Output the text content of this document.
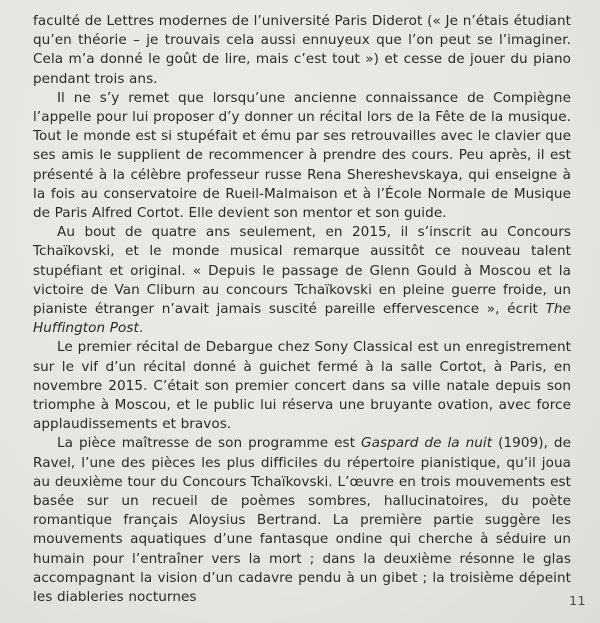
faculté de Lettres modernes de l’université Paris Diderot (« Je n’étais étudiant qu’en théorie – je trouvais cela aussi ennuyeux que l’on peut se l’imaginer. Cela m’a donné le goût de lire, mais c’est tout ») et cesse de jouer du piano pendant trois ans.

Il ne s’y remet que lorsqu’une ancienne connaissance de Compiègne l’appelle pour lui proposer d’y donner un récital lors de la Fête de la musique. Tout le monde est si stupéfait et ému par ses retrouvailles avec le clavier que ses amis le supplient de recommencer à prendre des cours. Peu après, il est présenté à la célèbre professeur russe Rena Shereshevskaya, qui enseigne à la fois au conservatoire de Rueil-Malmaison et à l’École Normale de Musique de Paris Alfred Cortot. Elle devient son mentor et son guide.

Au bout de quatre ans seulement, en 2015, il s’inscrit au Concours Tchaïkovski, et le monde musical remarque aussitôt ce nouveau talent stupéfiant et original. « Depuis le passage de Glenn Gould à Moscou et la victoire de Van Cliburn au concours Tchaïkovski en pleine guerre froide, un pianiste étranger n’avait jamais suscité pareille effervescence », écrit The Huffington Post.

Le premier récital de Debargue chez Sony Classical est un enregistrement sur le vif d’un récital donné à guichet fermé à la salle Cortot, à Paris, en novembre 2015. C’était son premier concert dans sa ville natale depuis son triomphe à Moscou, et le public lui réserva une bruyante ovation, avec force applaudissements et bravos.

La pièce maîtresse de son programme est Gaspard de la nuit (1909), de Ravel, l’une des pièces les plus difficiles du répertoire pianistique, qu’il joua au deuxième tour du Concours Tchaïkovski. L’œuvre en trois mouvements est basée sur un recueil de poèmes sombres, hallucinatoires, du poète romantique français Aloysius Bertrand. La première partie suggère les mouvements aquatiques d’une fantasque ondine qui cherche à séduire un humain pour l’entraîner vers la mort ; dans la deuxième résonne le glas accompagnant la vision d’un cadavre pendu à un gibet ; la troisième dépeint les diableries nocturnes	11
